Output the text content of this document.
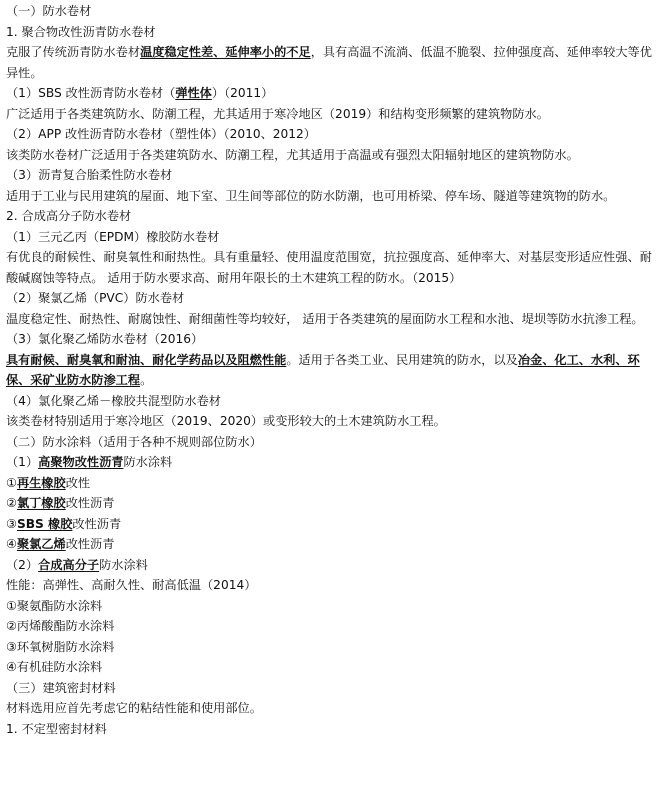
（一）防水卷材
1. 聚合物改性沥青防水卷材
克服了传统沥青防水卷材温度稳定性差、延伸率小的不足，具有高温不流淌、低温不脆裂、拉伸强度高、延伸率较大等优异性。
（1）SBS 改性沥青防水卷材（弹性体）（2011）
广泛适用于各类建筑防水、防潮工程，尤其适用于寒冷地区（2019）和结构变形频繁的建筑物防水。
（2）APP 改性沥青防水卷材（塑性体）（2010、2012）
该类防水卷材广泛适用于各类建筑防水、防潮工程，尤其适用于高温或有强烈太阳辐射地区的建筑物防水。
（3）沥青复合胎柔性防水卷材
适用于工业与民用建筑的屋面、地下室、卫生间等部位的防水防潮，也可用桥梁、停车场、隧道等建筑物的防水。
2. 合成高分子防水卷材
（1）三元乙丙（EPDM）橡胶防水卷材
有优良的耐候性、耐臭氧性和耐热性。具有重量轻、使用温度范围宽，抗拉强度高、延伸率大、对基层变形适应性强、耐酸碱腐蚀等特点。 适用于防水要求高、耐用年限长的土木建筑工程的防水。（2015）
（2）聚氯乙烯（PVC）防水卷材
温度稳定性、耐热性、耐腐蚀性、耐细菌性等均较好， 适用于各类建筑的屋面防水工程和水池、堤坝等防水抗渗工程。
（3）氯化聚乙烯防水卷材（2016）
具有耐候、耐臭氧和耐油、耐化学药品以及阻燃性能。适用于各类工业、民用建筑的防水，以及冶金、化工、水利、环保、采矿业防水防渗工程。
（4）氯化聚乙烯－橡胶共混型防水卷材
该类卷材特别适用于寒冷地区（2019、2020）或变形较大的土木建筑防水工程。
（二）防水涂料（适用于各种不规则部位防水）
（1）高聚物改性沥青防水涂料
①再生橡胶改性
②氯丁橡胶改性沥青
③SBS 橡胶改性沥青
④聚氯乙烯改性沥青
（2）合成高分子防水涂料
性能：高弹性、高耐久性、耐高低温（2014）
①聚氨酯防水涂料
②丙烯酸酯防水涂料
③环氧树脂防水涂料
④有机硅防水涂料
（三）建筑密封材料
材料选用应首先考虑它的粘结性能和使用部位。
1. 不定型密封材料
